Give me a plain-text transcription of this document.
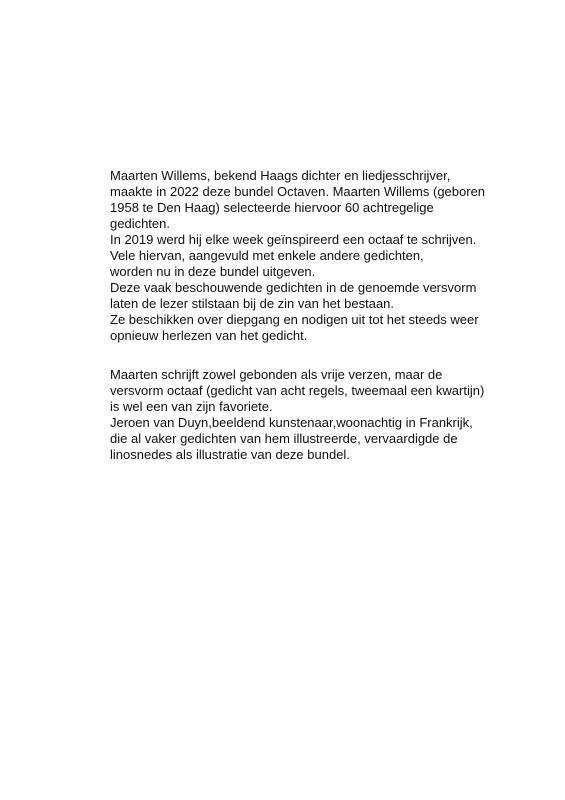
Maarten Willems, bekend Haags dichter en liedjesschrijver,
maakte in 2022 deze bundel Octaven. Maarten Willems (geboren
1958 te Den Haag) selecteerde hiervoor 60 achtregelige
gedichten.
In 2019 werd hij elke week geïnspireerd een octaaf te schrijven.
Vele hiervan, aangevuld met enkele andere gedichten,
worden nu in deze bundel uitgeven.
Deze vaak beschouwende gedichten in de genoemde versvorm
laten de lezer stilstaan bij de zin van het bestaan.
Ze beschikken over diepgang en nodigen uit tot het steeds weer
opnieuw herlezen van het gedicht.
Maarten schrijft zowel gebonden als vrije verzen, maar de
versvorm octaaf (gedicht van acht regels, tweemaal een kwartijn)
is wel een van zijn favoriete.
Jeroen van Duyn,beeldend kunstenaar,woonachtig in Frankrijk,
die al vaker gedichten van hem illustreerde, vervaardigde de
linosnedes als illustratie van deze bundel.
